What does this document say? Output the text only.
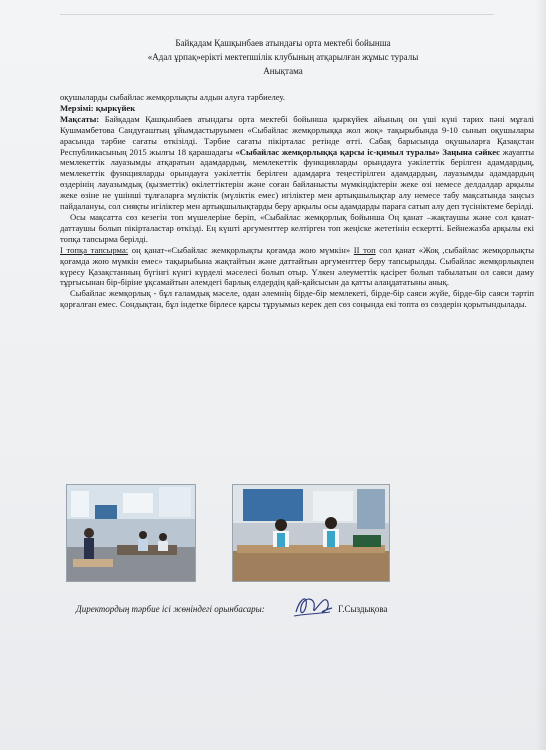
Байқадам Қашқынбаев атындағы орта мектебі бойынша
«Адал ұрпақ»ерікті мектепшілік клубының атқарылған жұмыс туралы
Анықтама

оқушыларды сыбайлас жемқорлықты алдын алуға тәрбиелеу.

Мерзімі: қыркүйек

Мақсаты: Байқадам Қашқынбаев атындағы орта мектебі бойынша қыркүйек айының он үші күні тарих пәні мұғалі Кушмамбетова Сандуғаштың ұйымдастыруымен «Сыбайлас жемқорлыққа жол жоқ» тақырыбында 9-10 сынып оқушылары арасында тәрбие сағаты өткізілді. Тәрбие сағаты пікірталас ретінде өтті. Сабақ барысында оқушыларға Қазақстан Республикасының 2015 жылғы 18 қарашадағы «Сыбайлас жемқорлыққа қарсы іс-қимыл туралы» Заңына сәйкес жауапты мемлекеттік лауазымды атқаратын адамдардың, мемлекеттік функцияларды орындауға уәкілеттік берілген адамдардың, мемлекеттік функцияларды орындауға уәкілеттік берілген адамдарға теңестірілген адамдардың, лауазымды адамдардың өздерінің лауазымдық (қызметтік) өкілеттіктерін және соған байланысты мүмкіндіктерін жеке өзі немесе делдалдар арқылы жеке өзіне не үшінші тұлғаларға мүліктік (мүліктік емес) игіліктер мен артықшылықтар алу немесе табу мақсатында заңсыз пайдалануы, сол сияқты игіліктер мен артықшылықтарды беру арқылы осы адамдарды параға сатып алу деп түсініктеме берілді.

Осы мақсатта сөз кезегін топ мүшелеріне беріп, «Сыбайлас жемқорлық бойынша Оң қанат –жақтаушы және сол қанат-даттаушы болып пікірталастар өткізді. Ең күшті аргументтер келтірген топ жеңіске жететінін ескертті. Бейнежазба арқылы екі топқа тапсырма берілді.

І топқа тапсырма: оң қанат-«Сыбайлас жемқорлықты қоғамда жою мүмкін» ІІ топ сол қанат «Жоқ ,сыбайлас жемқорлықты қоғамда жою мүмкін емес» тақырыбына жақтайтын және даттайтын аргументтер беру тапсырылды. Сыбайлас жемқорлықпен күресу Қазақстанның бүгінгі күнгі күрделі мәселесі болып отыр. Үлкен әлеуметтік қасірет болып табылатын ол саяси даму тұрғысынан бір-біріне ұқсамайтын әлемдегі барлық елдердің қай-қайсысын да қатты алаңдататыны анық.

Сыбайлас жемқорлық - бұл ғаламдық мәселе, одан әлемнің бірде-бір мемлекеті, бірде-бір саяси жүйе, бірде-бір саяси тәртіп қорғалған емес. Сондықтан, бұл індетке бірлесе қарсы тұруымыз керек деп сөз соңында екі топта өз сөздерін қорытындылады.

Директордың тәрбие ісі жөніндегі орынбасары:	Г.Сыздықова
